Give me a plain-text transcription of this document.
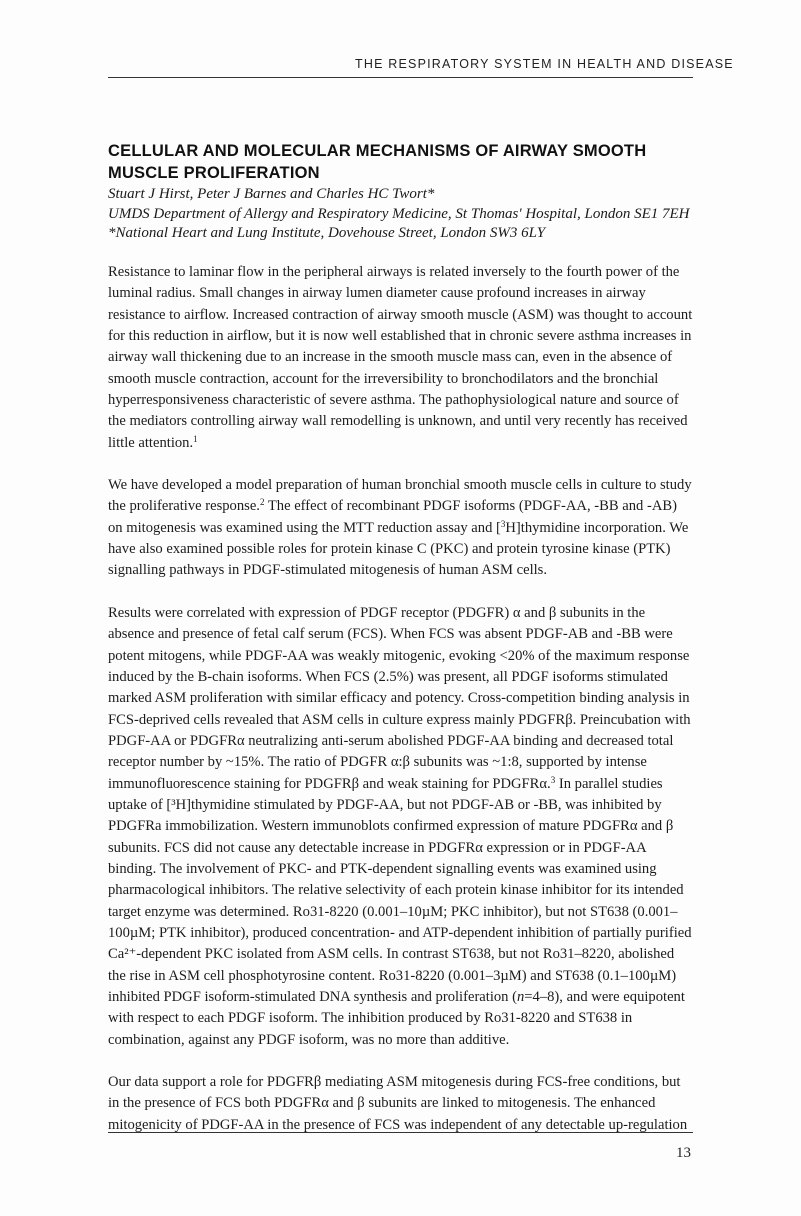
THE RESPIRATORY SYSTEM IN HEALTH AND DISEASE
CELLULAR AND MOLECULAR MECHANISMS OF AIRWAY SMOOTH MUSCLE PROLIFERATION
Stuart J Hirst, Peter J Barnes and Charles HC Twort*
UMDS Department of Allergy and Respiratory Medicine, St Thomas' Hospital, London SE1 7EH
*National Heart and Lung Institute, Dovehouse Street, London SW3 6LY

Resistance to laminar flow in the peripheral airways is related inversely to the fourth power of the luminal radius. Small changes in airway lumen diameter cause profound increases in airway resistance to airflow. Increased contraction of airway smooth muscle (ASM) was thought to account for this reduction in airflow, but it is now well established that in chronic severe asthma increases in airway wall thickening due to an increase in the smooth muscle mass can, even in the absence of smooth muscle contraction, account for the irreversibility to bronchodilators and the bronchial hyperresponsiveness characteristic of severe asthma. The pathophysiological nature and source of the mediators controlling airway wall remodelling is unknown, and until very recently has received little attention.$^1$

We have developed a model preparation of human bronchial smooth muscle cells in culture to study the proliferative response.$^2$ The effect of recombinant PDGF isoforms (PDGF-AA, -BB and -AB) on mitogenesis was examined using the MTT reduction assay and [$^3$H]thymidine incorporation. We have also examined possible roles for protein kinase C (PKC) and protein tyrosine kinase (PTK) signalling pathways in PDGF-stimulated mitogenesis of human ASM cells.

Results were correlated with expression of PDGF receptor (PDGFR) α and β subunits in the absence and presence of fetal calf serum (FCS). When FCS was absent PDGF-AB and -BB were potent mitogens, while PDGF-AA was weakly mitogenic, evoking <20% of the maximum response induced by the B-chain isoforms. When FCS (2.5%) was present, all PDGF isoforms stimulated marked ASM proliferation with similar efficacy and potency. Cross-competition binding analysis in FCS-deprived cells revealed that ASM cells in culture express mainly PDGFRβ. Preincubation with PDGF-AA or PDGFRα neutralizing anti-serum abolished PDGF-AA binding and decreased total receptor number by ~15%. The ratio of PDGFR α:β subunits was ~1:8, supported by intense immunofluorescence staining for PDGFRβ and weak staining for PDGFRα.$^3$ In parallel studies uptake of [³H]thymidine stimulated by PDGF-AA, but not PDGF-AB or -BB, was inhibited by PDGFRa immobilization. Western immunoblots confirmed expression of mature PDGFRα and β subunits. FCS did not cause any detectable increase in PDGFRα expression or in PDGF-AA binding. The involvement of PKC- and PTK-dependent signalling events was examined using pharmacological inhibitors. The relative selectivity of each protein kinase inhibitor for its intended target enzyme was determined. Ro31-8220 (0.001–10µM; PKC inhibitor), but not ST638 (0.001–100µM; PTK inhibitor), produced concentration- and ATP-dependent inhibition of partially purified Ca²⁺-dependent PKC isolated from ASM cells. In contrast ST638, but not Ro31–8220, abolished the rise in ASM cell phosphotyrosine content. Ro31-8220 (0.001–3µM) and ST638 (0.1–100µM) inhibited PDGF isoform-stimulated DNA synthesis and proliferation (n=4–8), and were equipotent with respect to each PDGF isoform. The inhibition produced by Ro31-8220 and ST638 in combination, against any PDGF isoform, was no more than additive.

Our data support a role for PDGFRβ mediating ASM mitogenesis during FCS-free conditions, but in the presence of FCS both PDGFRα and β subunits are linked to mitogenesis. The enhanced mitogenicity of PDGF-AA in the presence of FCS was independent of any detectable up-regulation

13
